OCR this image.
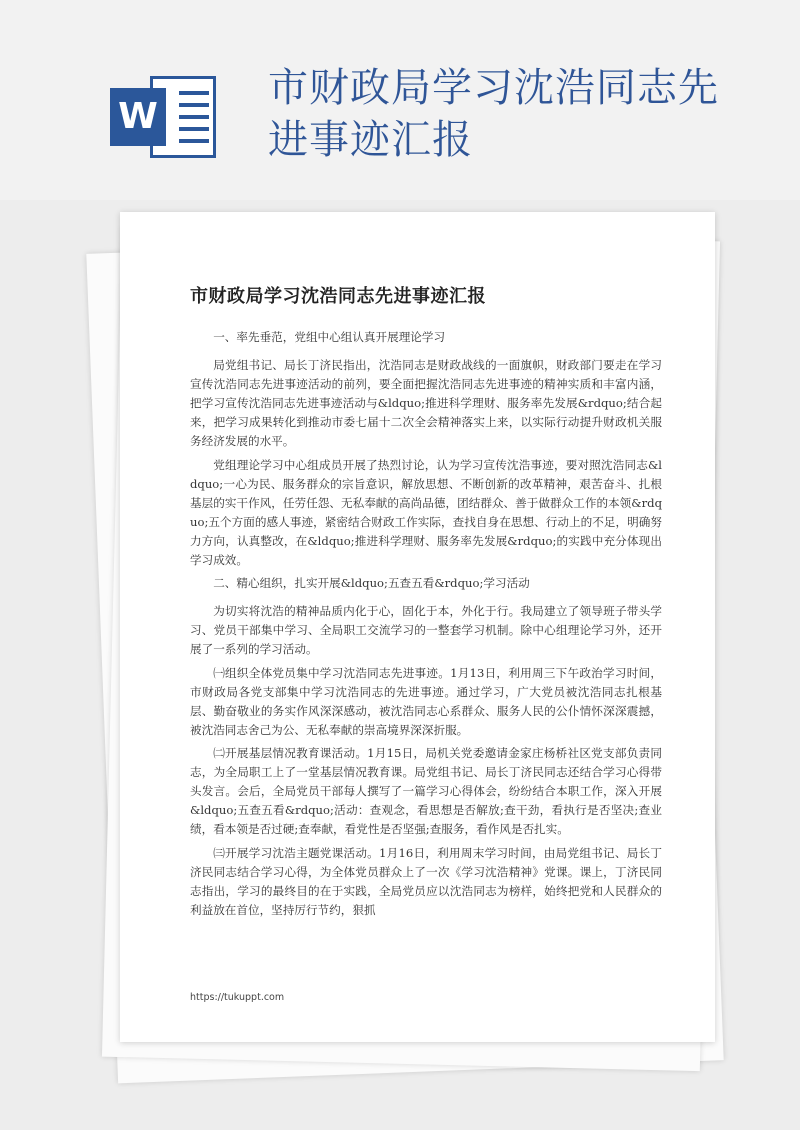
W
市财政局学习沈浩同志先进事迹汇报
市财政局学习沈浩同志先进事迹汇报

一、率先垂范，党组中心组认真开展理论学习

局党组书记、局长丁济民指出，沈浩同志是财政战线的一面旗帜，财政部门要走在学习宣传沈浩同志先进事迹活动的前列，要全面把握沈浩同志先进事迹的精神实质和丰富内涵，把学习宣传沈浩同志先进事迹活动与&ldquo;推进科学理财、服务率先发展&rdquo;结合起来，把学习成果转化到推动市委七届十二次全会精神落实上来，以实际行动提升财政机关服务经济发展的水平。

党组理论学习中心组成员开展了热烈讨论，认为学习宣传沈浩事迹，要对照沈浩同志&ldquo;一心为民、服务群众的宗旨意识，解放思想、不断创新的改革精神，艰苦奋斗、扎根基层的实干作风，任劳任怨、无私奉献的高尚品德，团结群众、善于做群众工作的本领&rdquo;五个方面的感人事迹，紧密结合财政工作实际，查找自身在思想、行动上的不足，明确努力方向，认真整改，在&ldquo;推进科学理财、服务率先发展&rdquo;的实践中充分体现出学习成效。

二、精心组织，扎实开展&ldquo;五查五看&rdquo;学习活动

为切实将沈浩的精神品质内化于心，固化于本，外化于行。我局建立了领导班子带头学习、党员干部集中学习、全局职工交流学习的一整套学习机制。除中心组理论学习外，还开展了一系列的学习活动。

㈠组织全体党员集中学习沈浩同志先进事迹。1月13日，利用周三下午政治学习时间，市财政局各党支部集中学习沈浩同志的先进事迹。通过学习，广大党员被沈浩同志扎根基层、勤奋敬业的务实作风深深感动，被沈浩同志心系群众、服务人民的公仆情怀深深震撼，被沈浩同志舍己为公、无私奉献的崇高境界深深折服。

㈡开展基层情况教育课活动。1月15日，局机关党委邀请金家庄杨桥社区党支部负责同志，为全局职工上了一堂基层情况教育课。局党组书记、局长丁济民同志还结合学习心得带头发言。会后，全局党员干部每人撰写了一篇学习心得体会，纷纷结合本职工作，深入开展&ldquo;五查五看&rdquo;活动：查观念，看思想是否解放;查干劲，看执行是否坚决;查业绩，看本领是否过硬;查奉献，看党性是否坚强;查服务，看作风是否扎实。

㈢开展学习沈浩主题党课活动。1月16日，利用周末学习时间，由局党组书记、局长丁济民同志结合学习心得，为全体党员群众上了一次《学习沈浩精神》党课。课上，丁济民同志指出，学习的最终目的在于实践，全局党员应以沈浩同志为榜样，始终把党和人民群众的利益放在首位，坚持厉行节约，狠抓

https://tukuppt.com
